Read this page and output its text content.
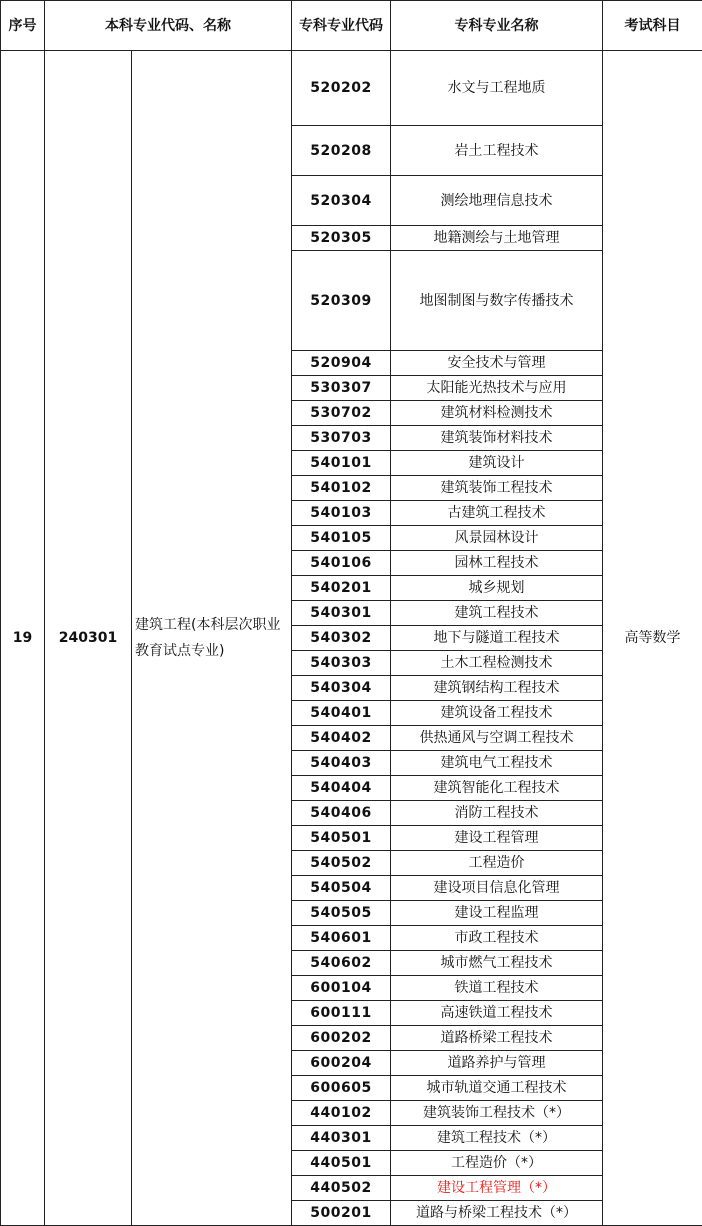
序号	本科专业代码、名称		专科专业代码	专科专业名称	考试科目
19	240301	建筑工程(本科层次职业教育试点专业)	520202	水文与工程地质	高等数学
			520208	岩土工程技术	
			520304	测绘地理信息技术	
			520305	地籍测绘与土地管理	
			520309	地图制图与数字传播技术	
			520904	安全技术与管理	
			530307	太阳能光热技术与应用	
			530702	建筑材料检测技术	
			530703	建筑装饰材料技术	
			540101	建筑设计	
			540102	建筑装饰工程技术	
			540103	古建筑工程技术	
			540105	风景园林设计	
			540106	园林工程技术	
			540201	城乡规划	
			540301	建筑工程技术	
			540302	地下与隧道工程技术	
			540303	土木工程检测技术	
			540304	建筑钢结构工程技术	
			540401	建筑设备工程技术	
			540402	供热通风与空调工程技术	
			540403	建筑电气工程技术	
			540404	建筑智能化工程技术	
			540406	消防工程技术	
			540501	建设工程管理	
			540502	工程造价	
			540504	建设项目信息化管理	
			540505	建设工程监理	
			540601	市政工程技术	
			540602	城市燃气工程技术	
			600104	铁道工程技术	
			600111	高速铁道工程技术	
			600202	道路桥梁工程技术	
			600204	道路养护与管理	
			600605	城市轨道交通工程技术	
			440102	建筑装饰工程技术（*）	
			440301	建筑工程技术（*）	
			440501	工程造价（*）	
			440502	建设工程管理（*）	
			500201	道路与桥梁工程技术（*）	
